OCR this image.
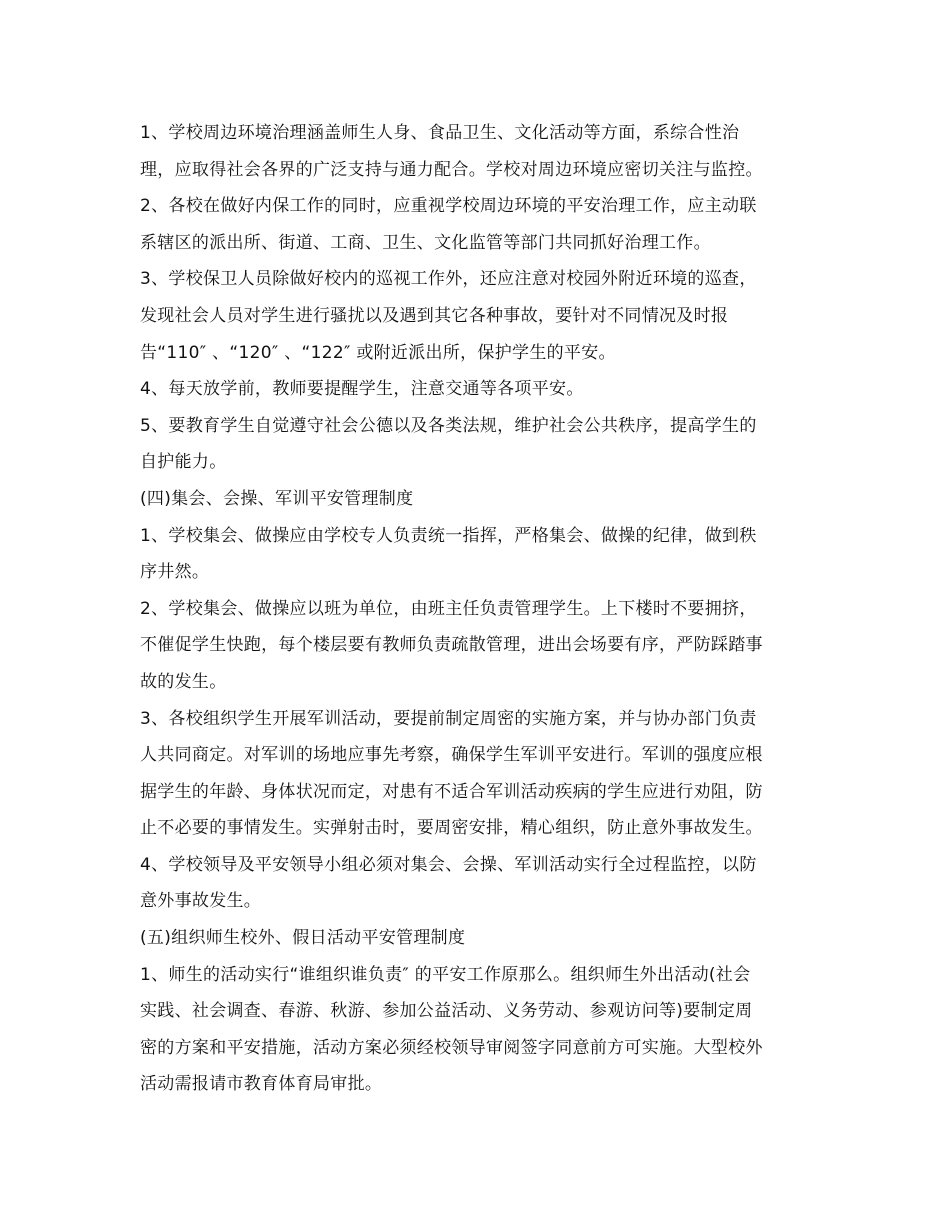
1、学校周边环境治理涵盖师生人身、食品卫生、文化活动等方面，系综合性治
理，应取得社会各界的广泛支持与通力配合。学校对周边环境应密切关注与监控。
2、各校在做好内保工作的同时，应重视学校周边环境的平安治理工作，应主动联
系辖区的派出所、街道、工商、卫生、文化监管等部门共同抓好治理工作。
3、学校保卫人员除做好校内的巡视工作外，还应注意对校园外附近环境的巡查，
发现社会人员对学生进行骚扰以及遇到其它各种事故，要针对不同情况及时报
告“110″ 、“120″ 、“122″ 或附近派出所，保护学生的平安。
4、每天放学前，教师要提醒学生，注意交通等各项平安。
5、要教育学生自觉遵守社会公德以及各类法规，维护社会公共秩序，提高学生的
自护能力。
(四)集会、会操、军训平安管理制度
1、学校集会、做操应由学校专人负责统一指挥，严格集会、做操的纪律，做到秩
序井然。
2、学校集会、做操应以班为单位，由班主任负责管理学生。上下楼时不要拥挤，
不催促学生快跑，每个楼层要有教师负责疏散管理，进出会场要有序，严防踩踏事
故的发生。
3、各校组织学生开展军训活动，要提前制定周密的实施方案，并与协办部门负责
人共同商定。对军训的场地应事先考察，确保学生军训平安进行。军训的强度应根
据学生的年龄、身体状况而定，对患有不适合军训活动疾病的学生应进行劝阻，防
止不必要的事情发生。实弹射击时，要周密安排，精心组织，防止意外事故发生。
4、学校领导及平安领导小组必须对集会、会操、军训活动实行全过程监控，以防
意外事故发生。
(五)组织师生校外、假日活动平安管理制度
1、师生的活动实行“谁组织谁负责″ 的平安工作原那么。组织师生外出活动(社会
实践、社会调查、春游、秋游、参加公益活动、义务劳动、参观访问等)要制定周
密的方案和平安措施，活动方案必须经校领导审阅签字同意前方可实施。大型校外
活动需报请市教育体育局审批。
